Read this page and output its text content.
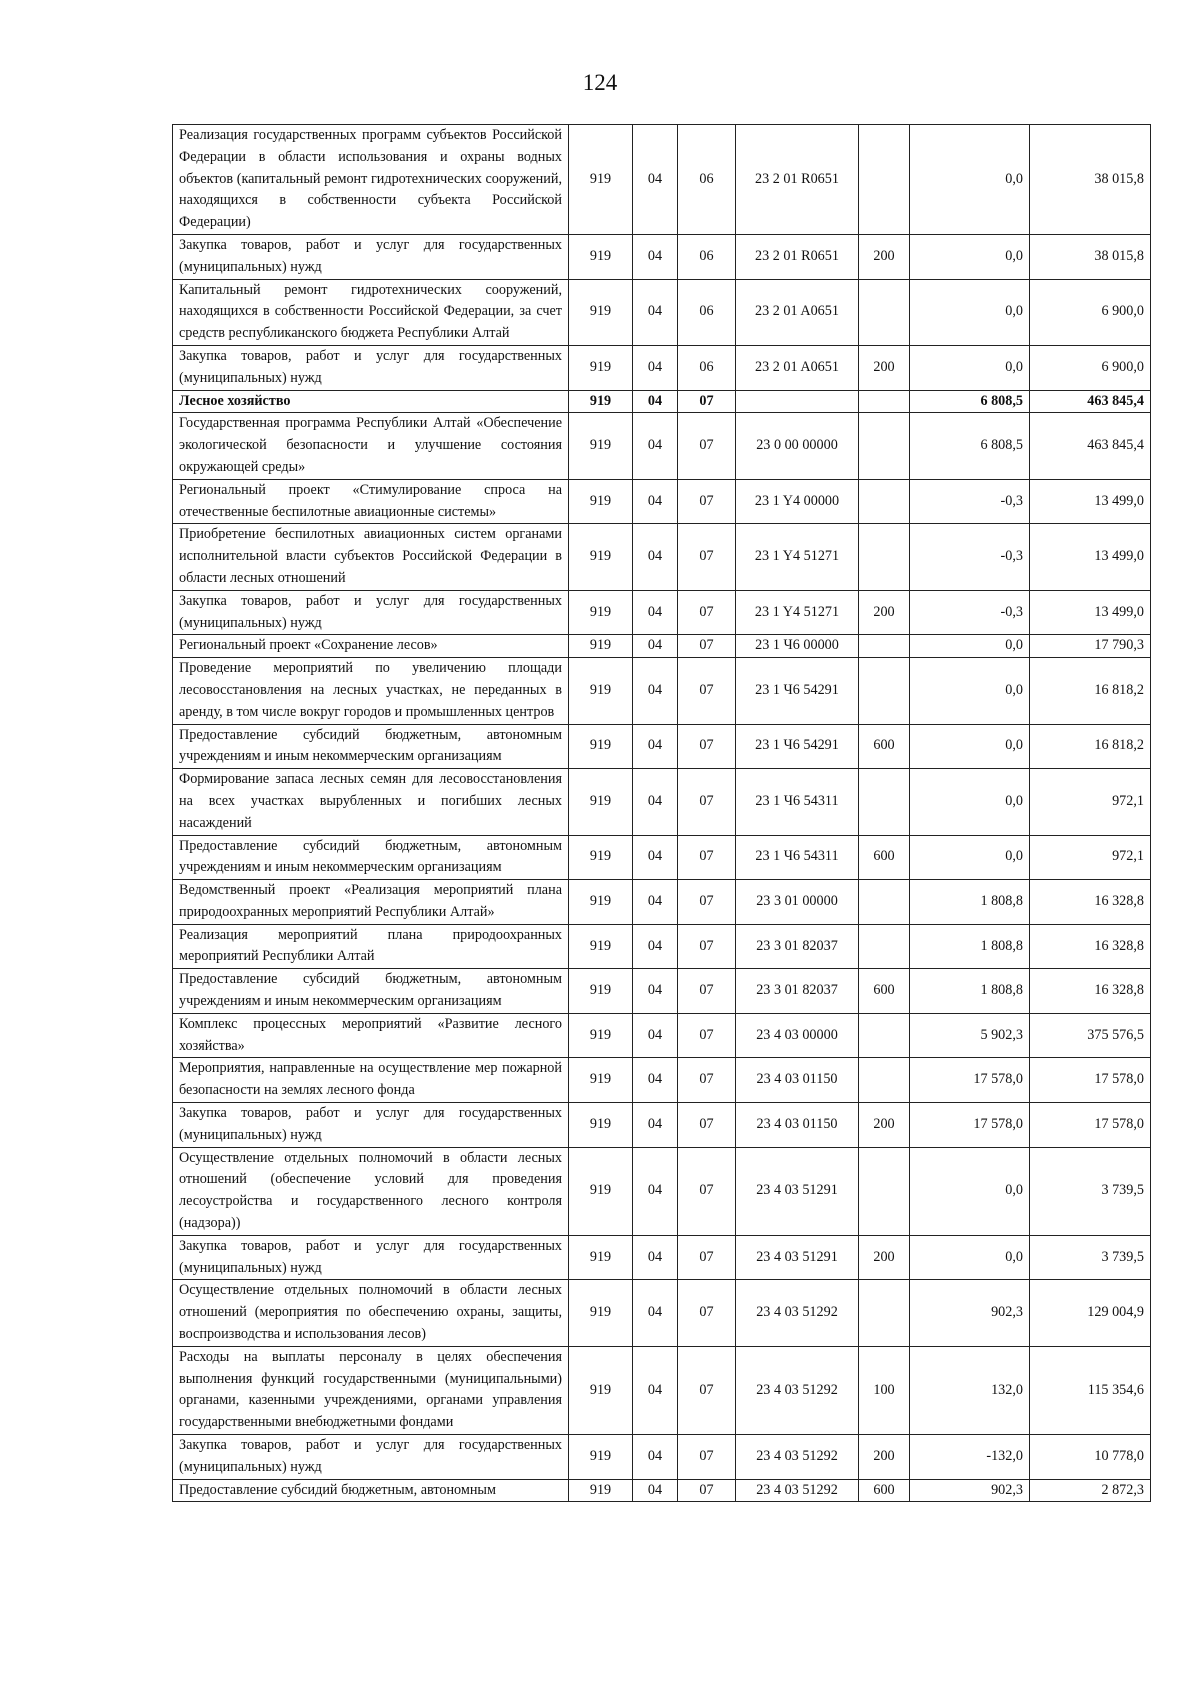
124
Реализация государственных программ субъектов Российской Федерации в области использования и охраны водных объектов (капитальный ремонт гидротехнических сооружений, находящихся в собственности субъекта Российской Федерации)	919	04	06	23 2 01 R0651		0,0	38 015,8
Закупка товаров, работ и услуг для государственных (муниципальных) нужд	919	04	06	23 2 01 R0651	200	0,0	38 015,8
Капитальный ремонт гидротехнических сооружений, находящихся в собственности Российской Федерации, за счет средств республиканского бюджета Республики Алтай	919	04	06	23 2 01 A0651		0,0	6 900,0
Закупка товаров, работ и услуг для государственных (муниципальных) нужд	919	04	06	23 2 01 A0651	200	0,0	6 900,0
Лесное хозяйство	919	04	07			6 808,5	463 845,4
Государственная программа Республики Алтай «Обеспечение экологической безопасности и улучшение состояния окружающей среды»	919	04	07	23 0 00 00000		6 808,5	463 845,4
Региональный проект «Стимулирование спроса на отечественные беспилотные авиационные системы»	919	04	07	23 1 Y4 00000		-0,3	13 499,0
Приобретение беспилотных авиационных систем органами исполнительной власти субъектов Российской Федерации в области лесных отношений	919	04	07	23 1 Y4 51271		-0,3	13 499,0
Закупка товаров, работ и услуг для государственных (муниципальных) нужд	919	04	07	23 1 Y4 51271	200	-0,3	13 499,0
Региональный проект «Сохранение лесов»	919	04	07	23 1 Ч6 00000		0,0	17 790,3
Проведение мероприятий по увеличению площади лесовосстановления на лесных участках, не переданных в аренду, в том числе вокруг городов и промышленных центров	919	04	07	23 1 Ч6 54291		0,0	16 818,2
Предоставление субсидий бюджетным, автономным учреждениям и иным некоммерческим организациям	919	04	07	23 1 Ч6 54291	600	0,0	16 818,2
Формирование запаса лесных семян для лесовосстановления на всех участках вырубленных и погибших лесных насаждений	919	04	07	23 1 Ч6 54311		0,0	972,1
Предоставление субсидий бюджетным, автономным учреждениям и иным некоммерческим организациям	919	04	07	23 1 Ч6 54311	600	0,0	972,1
Ведомственный проект «Реализация мероприятий плана природоохранных мероприятий Республики Алтай»	919	04	07	23 3 01 00000		1 808,8	16 328,8
Реализация мероприятий плана природоохранных мероприятий Республики Алтай	919	04	07	23 3 01 82037		1 808,8	16 328,8
Предоставление субсидий бюджетным, автономным учреждениям и иным некоммерческим организациям	919	04	07	23 3 01 82037	600	1 808,8	16 328,8
Комплекс процессных мероприятий «Развитие лесного хозяйства»	919	04	07	23 4 03 00000		5 902,3	375 576,5
Мероприятия, направленные на осуществление мер пожарной безопасности на землях лесного фонда	919	04	07	23 4 03 01150		17 578,0	17 578,0
Закупка товаров, работ и услуг для государственных (муниципальных) нужд	919	04	07	23 4 03 01150	200	17 578,0	17 578,0
Осуществление отдельных полномочий в области лесных отношений (обеспечение условий для проведения лесоустройства и государственного лесного контроля (надзора))	919	04	07	23 4 03 51291		0,0	3 739,5
Закупка товаров, работ и услуг для государственных (муниципальных) нужд	919	04	07	23 4 03 51291	200	0,0	3 739,5
Осуществление отдельных полномочий в области лесных отношений (мероприятия по обеспечению охраны, защиты, воспроизводства и использования лесов)	919	04	07	23 4 03 51292		902,3	129 004,9
Расходы на выплаты персоналу в целях обеспечения выполнения функций государственными (муниципальными) органами, казенными учреждениями, органами управления государственными внебюджетными фондами	919	04	07	23 4 03 51292	100	132,0	115 354,6
Закупка товаров, работ и услуг для государственных (муниципальных) нужд	919	04	07	23 4 03 51292	200	-132,0	10 778,0
Предоставление субсидий бюджетным, автономным	919	04	07	23 4 03 51292	600	902,3	2 872,3
